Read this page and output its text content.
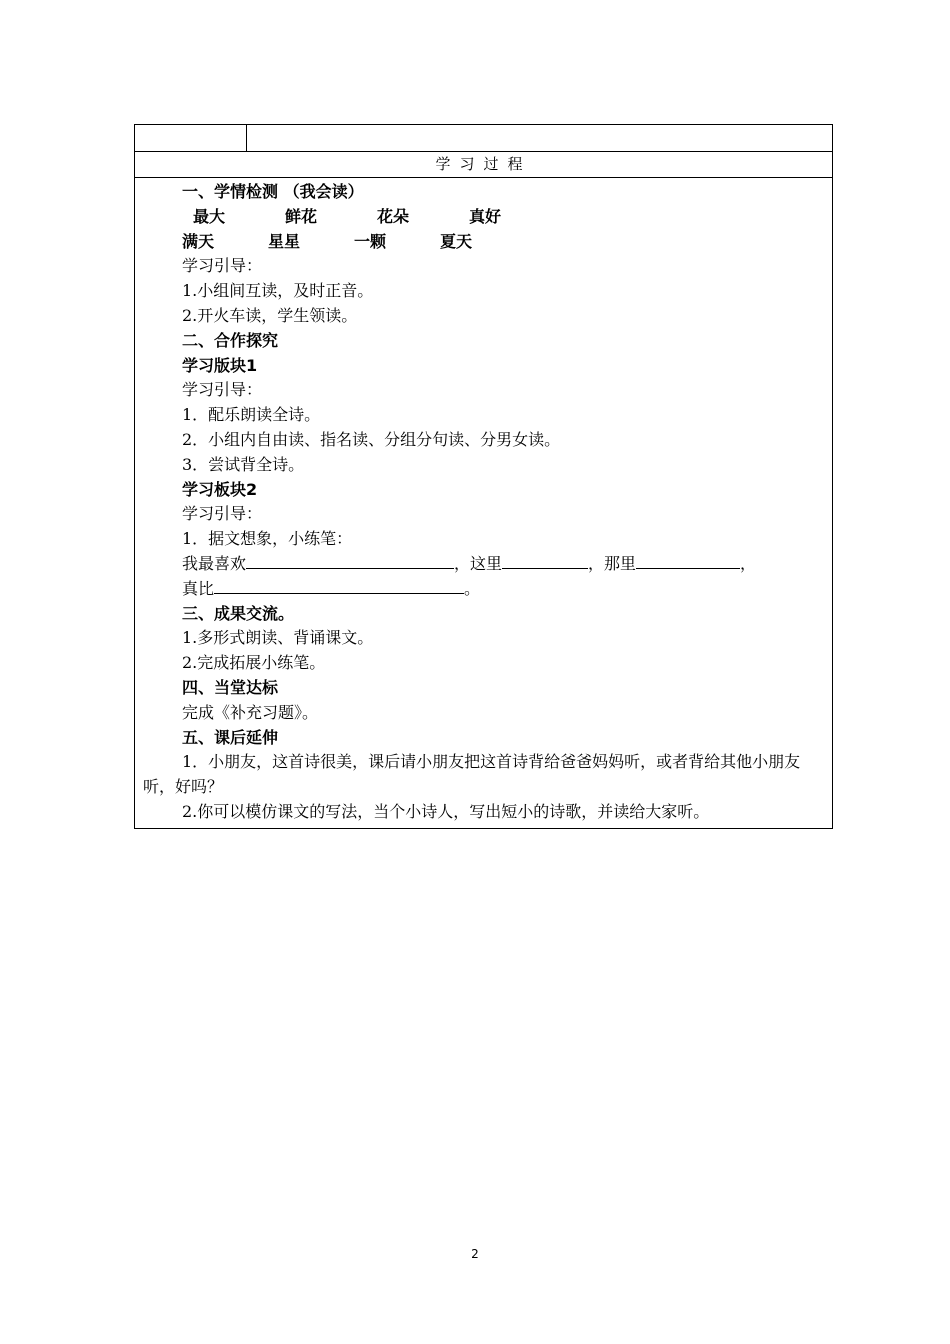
学习过程
一、学情检测 （我会读）
最大	鲜花	花朵	真好
满天	星星	一颗	夏天
学习引导：
1.小组间互读，及时正音。
2.开火车读，学生领读。
二、合作探究
学习版块1
学习引导：
1．配乐朗读全诗。
2．小组内自由读、指名读、分组分句读、分男女读。
3．尝试背全诗。
学习板块2
学习引导：
1．据文想象，小练笔：
我最喜欢	，这里	，那里	，
真比	。
三、成果交流。
1.多形式朗读、背诵课文。
2.完成拓展小练笔。
四、当堂达标
完成《补充习题》。
五、课后延伸
1．小朋友，这首诗很美，课后请小朋友把这首诗背给爸爸妈妈听，或者背给其他小朋友听，好吗？
2.你可以模仿课文的写法，当个小诗人，写出短小的诗歌，并读给大家听。
2
